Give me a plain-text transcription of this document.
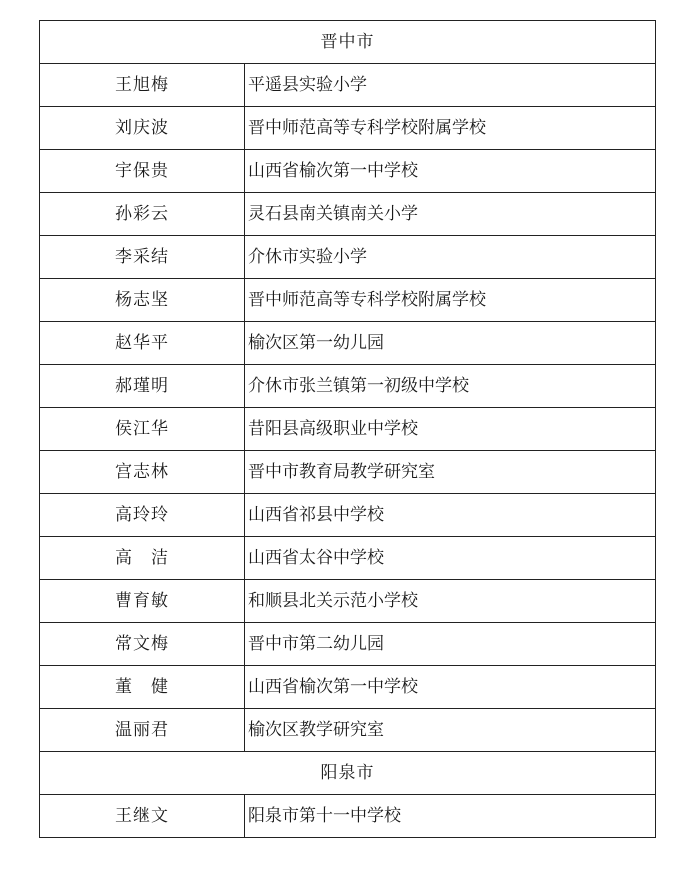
晋中市	
王旭梅	平遥县实验小学
刘庆波	晋中师范高等专科学校附属学校
宇保贵	山西省榆次第一中学校
孙彩云	灵石县南关镇南关小学
李采结	介休市实验小学
杨志坚	晋中师范高等专科学校附属学校
赵华平	榆次区第一幼儿园
郝瑾明	介休市张兰镇第一初级中学校
侯江华	昔阳县高级职业中学校
宫志林	晋中市教育局教学研究室
高玲玲	山西省祁县中学校
高　洁	山西省太谷中学校
曹育敏	和顺县北关示范小学校
常文梅	晋中市第二幼儿园
董　健	山西省榆次第一中学校
温丽君	榆次区教学研究室
阳泉市	
王继文	阳泉市第十一中学校
